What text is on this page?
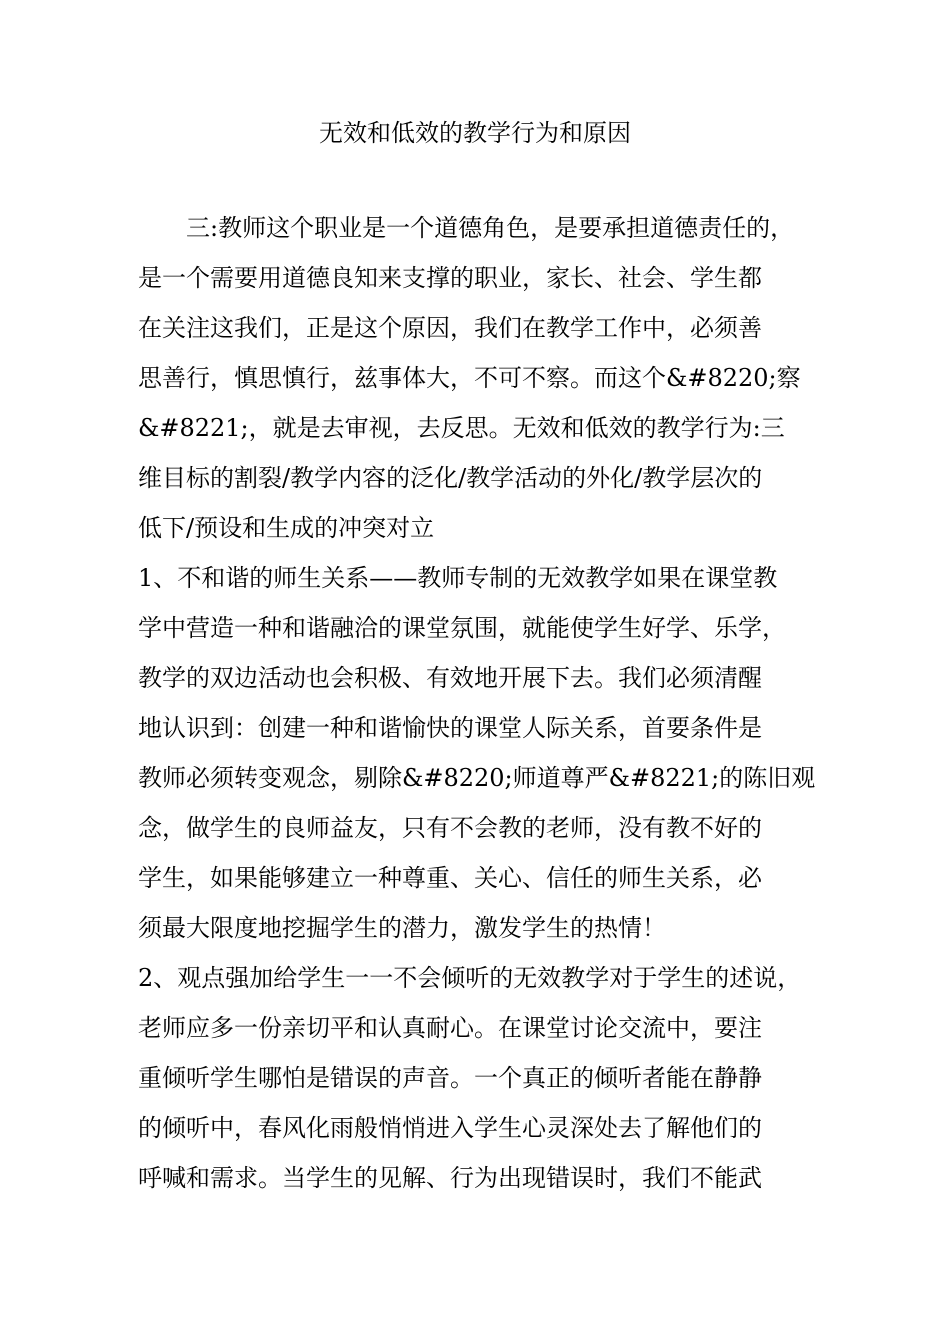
无效和低效的教学行为和原因
三:教师这个职业是一个道德角色，是要承担道德责任的，
是一个需要用道德良知来支撑的职业，家长、社会、学生都
在关注这我们，正是这个原因，我们在教学工作中，必须善
思善行，慎思慎行，兹事体大，不可不察。而这个&#8220;察
&#8221;，就是去审视，去反思。无效和低效的教学行为:三
维目标的割裂/教学内容的泛化/教学活动的外化/教学层次的
低下/预设和生成的冲突对立
1、不和谐的师生关系——教师专制的无效教学如果在课堂教
学中营造一种和谐融洽的课堂氛围，就能使学生好学、乐学，
教学的双边活动也会积极、有效地开展下去。我们必须清醒
地认识到：创建一种和谐愉快的课堂人际关系，首要条件是
教师必须转变观念，剔除&#8220;师道尊严&#8221;的陈旧观
念，做学生的良师益友，只有不会教的老师，没有教不好的
学生，如果能够建立一种尊重、关心、信任的师生关系，必
须最大限度地挖掘学生的潜力，激发学生的热情！
2、观点强加给学生一一不会倾听的无效教学对于学生的述说，
老师应多一份亲切平和认真耐心。在课堂讨论交流中，要注
重倾听学生哪怕是错误的声音。一个真正的倾听者能在静静
的倾听中，春风化雨般悄悄进入学生心灵深处去了解他们的
呼喊和需求。当学生的见解、行为出现错误时，我们不能武
